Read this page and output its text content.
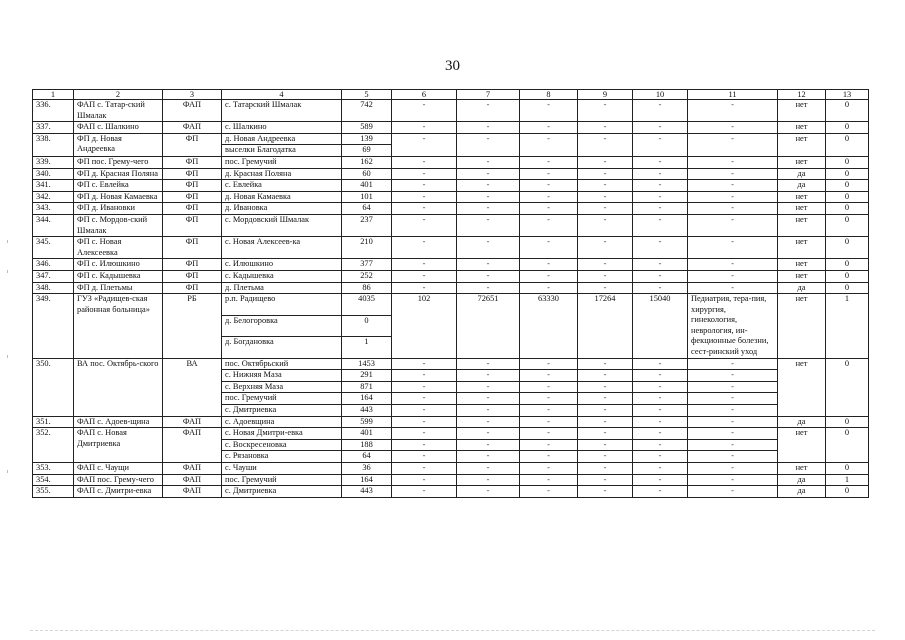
30
1	2	3	4	5	6	7	8	9	10	11	12	13
336.	ФАП с. Татар-ский Шмалак	ФАП	с. Татарский Шмалак	742	-	-	-	-	-	-	нет	0
337.	ФАП с. Шалкино	ФАП	с. Шалкино	589	-	-	-	-	-	-	нет	0
338.	ФП д. Новая Андреевка	ФП	д. Новая Андреевка	139	-	-	-	-	-	-	нет	0
			выселки Благодатка	69								
339.	ФП пос. Грему-чего	ФП	пос. Гремучий	162	-	-	-	-	-	-	нет	0
340.	ФП д. Красная Поляна	ФП	д. Красная Поляна	60	-	-	-	-	-	-	да	0
341.	ФП с. Евлейка	ФП	с. Евлейка	401	-	-	-	-	-	-	да	0
342.	ФП д. Новая Камаевка	ФП	д. Новая Камаевка	101	-	-	-	-	-	-	нет	0
343.	ФП д. Ивановки	ФП	д. Ивановка	64	-	-	-	-	-	-	нет	0
344.	ФП с. Мордов-ский Шмалак	ФП	с. Мордовский Шмалак	237	-	-	-	-	-	-	нет	0
345.	ФП с. Новая Алексеевка	ФП	с. Новая Алексеев-ка	210	-	-	-	-	-	-	нет	0
346.	ФП с. Илюшкино	ФП	с. Илюшкино	377	-	-	-	-	-	-	нет	0
347.	ФП с. Кадышевка	ФП	с. Кадышевка	252	-	-	-	-	-	-	нет	0
348.	ФП д. Плетьмы	ФП	д. Плетьма	86	-	-	-	-	-	-	да	0
349.	ГУЗ «Радищев-ская районная больница»	РБ	р.п. Радищево	4035	102	72651	63330	17264	15040	Педиатрия, тера-пия, хирургия, гинекология, неврология, ин-фекционные болезни, сест-ринский уход	нет	1
			д. Белогоровка	0								
			д. Богдановка	1								
350.	ВА пос. Октябрь-ского	ВА	пос. Октябрьский	1453	-	-	-	-	-	-	нет	0
			с. Нижняя Маза	291	-	-	-	-	-	-		
			с. Верхняя Маза	871	-	-	-	-	-	-		
			пос. Гремучий	164	-	-	-	-	-	-		
			с. Дмитриевка	443	-	-	-	-	-	-		
351.	ФАП с. Адоев-щина	ФАП	с. Адоевщина	599	-	-	-	-	-	-	да	0
352.	ФАП с. Новая Дмитриевка	ФАП	с. Новая Дмитри-евка	401	-	-	-	-	-	-	нет	0
			с. Воскресеновка	188	-	-	-	-	-	-		
			с. Рязановка	64	-	-	-	-	-	-		
353.	ФАП с. Чаущи	ФАП	с. Чауши	36	-	-	-	-	-	-	нет	0
354.	ФАП пос. Грему-чего	ФАП	пос. Гремучий	164	-	-	-	-	-	-	да	1
355.	ФАП с. Дмитри-евка	ФАП	с. Дмитриевка	443	-	-	-	-	-	-	да	0
